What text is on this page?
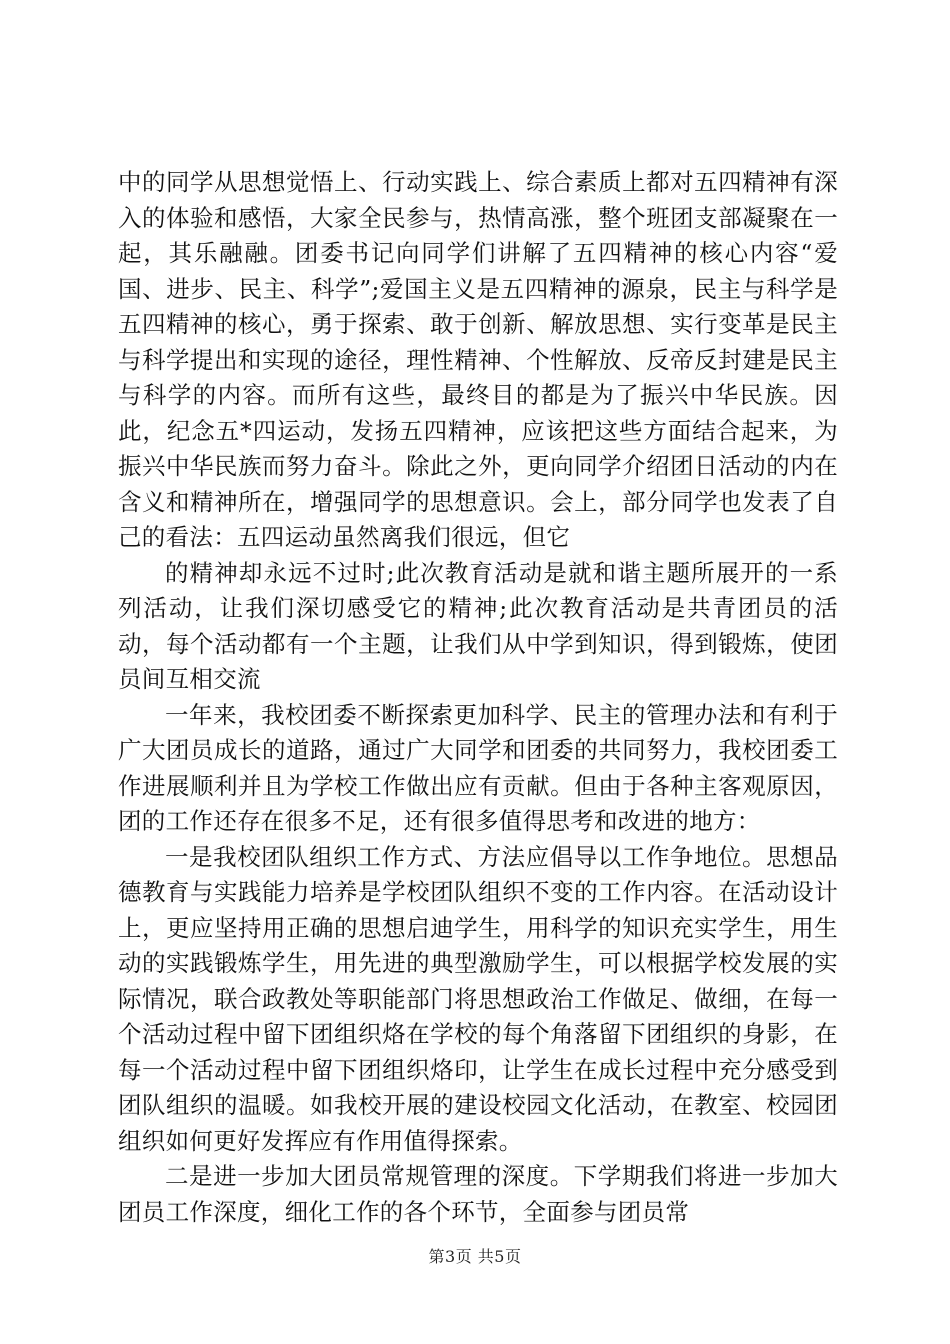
中的同学从思想觉悟上、行动实践上、综合素质上都对五四精神有深入的体验和感悟，大家全民参与，热情高涨，整个班团支部凝聚在一起，其乐融融。团委书记向同学们讲解了五四精神的核心内容“爱国、进步、民主、科学”;爱国主义是五四精神的源泉，民主与科学是五四精神的核心，勇于探索、敢于创新、解放思想、实行变革是民主与科学提出和实现的途径，理性精神、个性解放、反帝反封建是民主与科学的内容。而所有这些，最终目的都是为了振兴中华民族。因此，纪念五*四运动，发扬五四精神，应该把这些方面结合起来，为振兴中华民族而努力奋斗。除此之外，更向同学介绍团日活动的内在含义和精神所在，增强同学的思想意识。会上，部分同学也发表了自己的看法：五四运动虽然离我们很远，但它

的精神却永远不过时;此次教育活动是就和谐主题所展开的一系列活动，让我们深切感受它的精神;此次教育活动是共青团员的活动，每个活动都有一个主题，让我们从中学到知识，得到锻炼，使团员间互相交流

一年来，我校团委不断探索更加科学、民主的管理办法和有利于广大团员成长的道路，通过广大同学和团委的共同努力，我校团委工作进展顺利并且为学校工作做出应有贡献。但由于各种主客观原因，团的工作还存在很多不足，还有很多值得思考和改进的地方：

一是我校团队组织工作方式、方法应倡导以工作争地位。思想品德教育与实践能力培养是学校团队组织不变的工作内容。在活动设计上，更应坚持用正确的思想启迪学生，用科学的知识充实学生，用生动的实践锻炼学生，用先进的典型激励学生，可以根据学校发展的实际情况，联合政教处等职能部门将思想政治工作做足、做细，在每一个活动过程中留下团组织烙在学校的每个角落留下团组织的身影，在每一个活动过程中留下团组织烙印，让学生在成长过程中充分感受到团队组织的温暖。如我校开展的建设校园文化活动，在教室、校园团组织如何更好发挥应有作用值得探索。

二是进一步加大团员常规管理的深度。下学期我们将进一步加大团员工作深度，细化工作的各个环节，全面参与团员常

第3页 共5页
